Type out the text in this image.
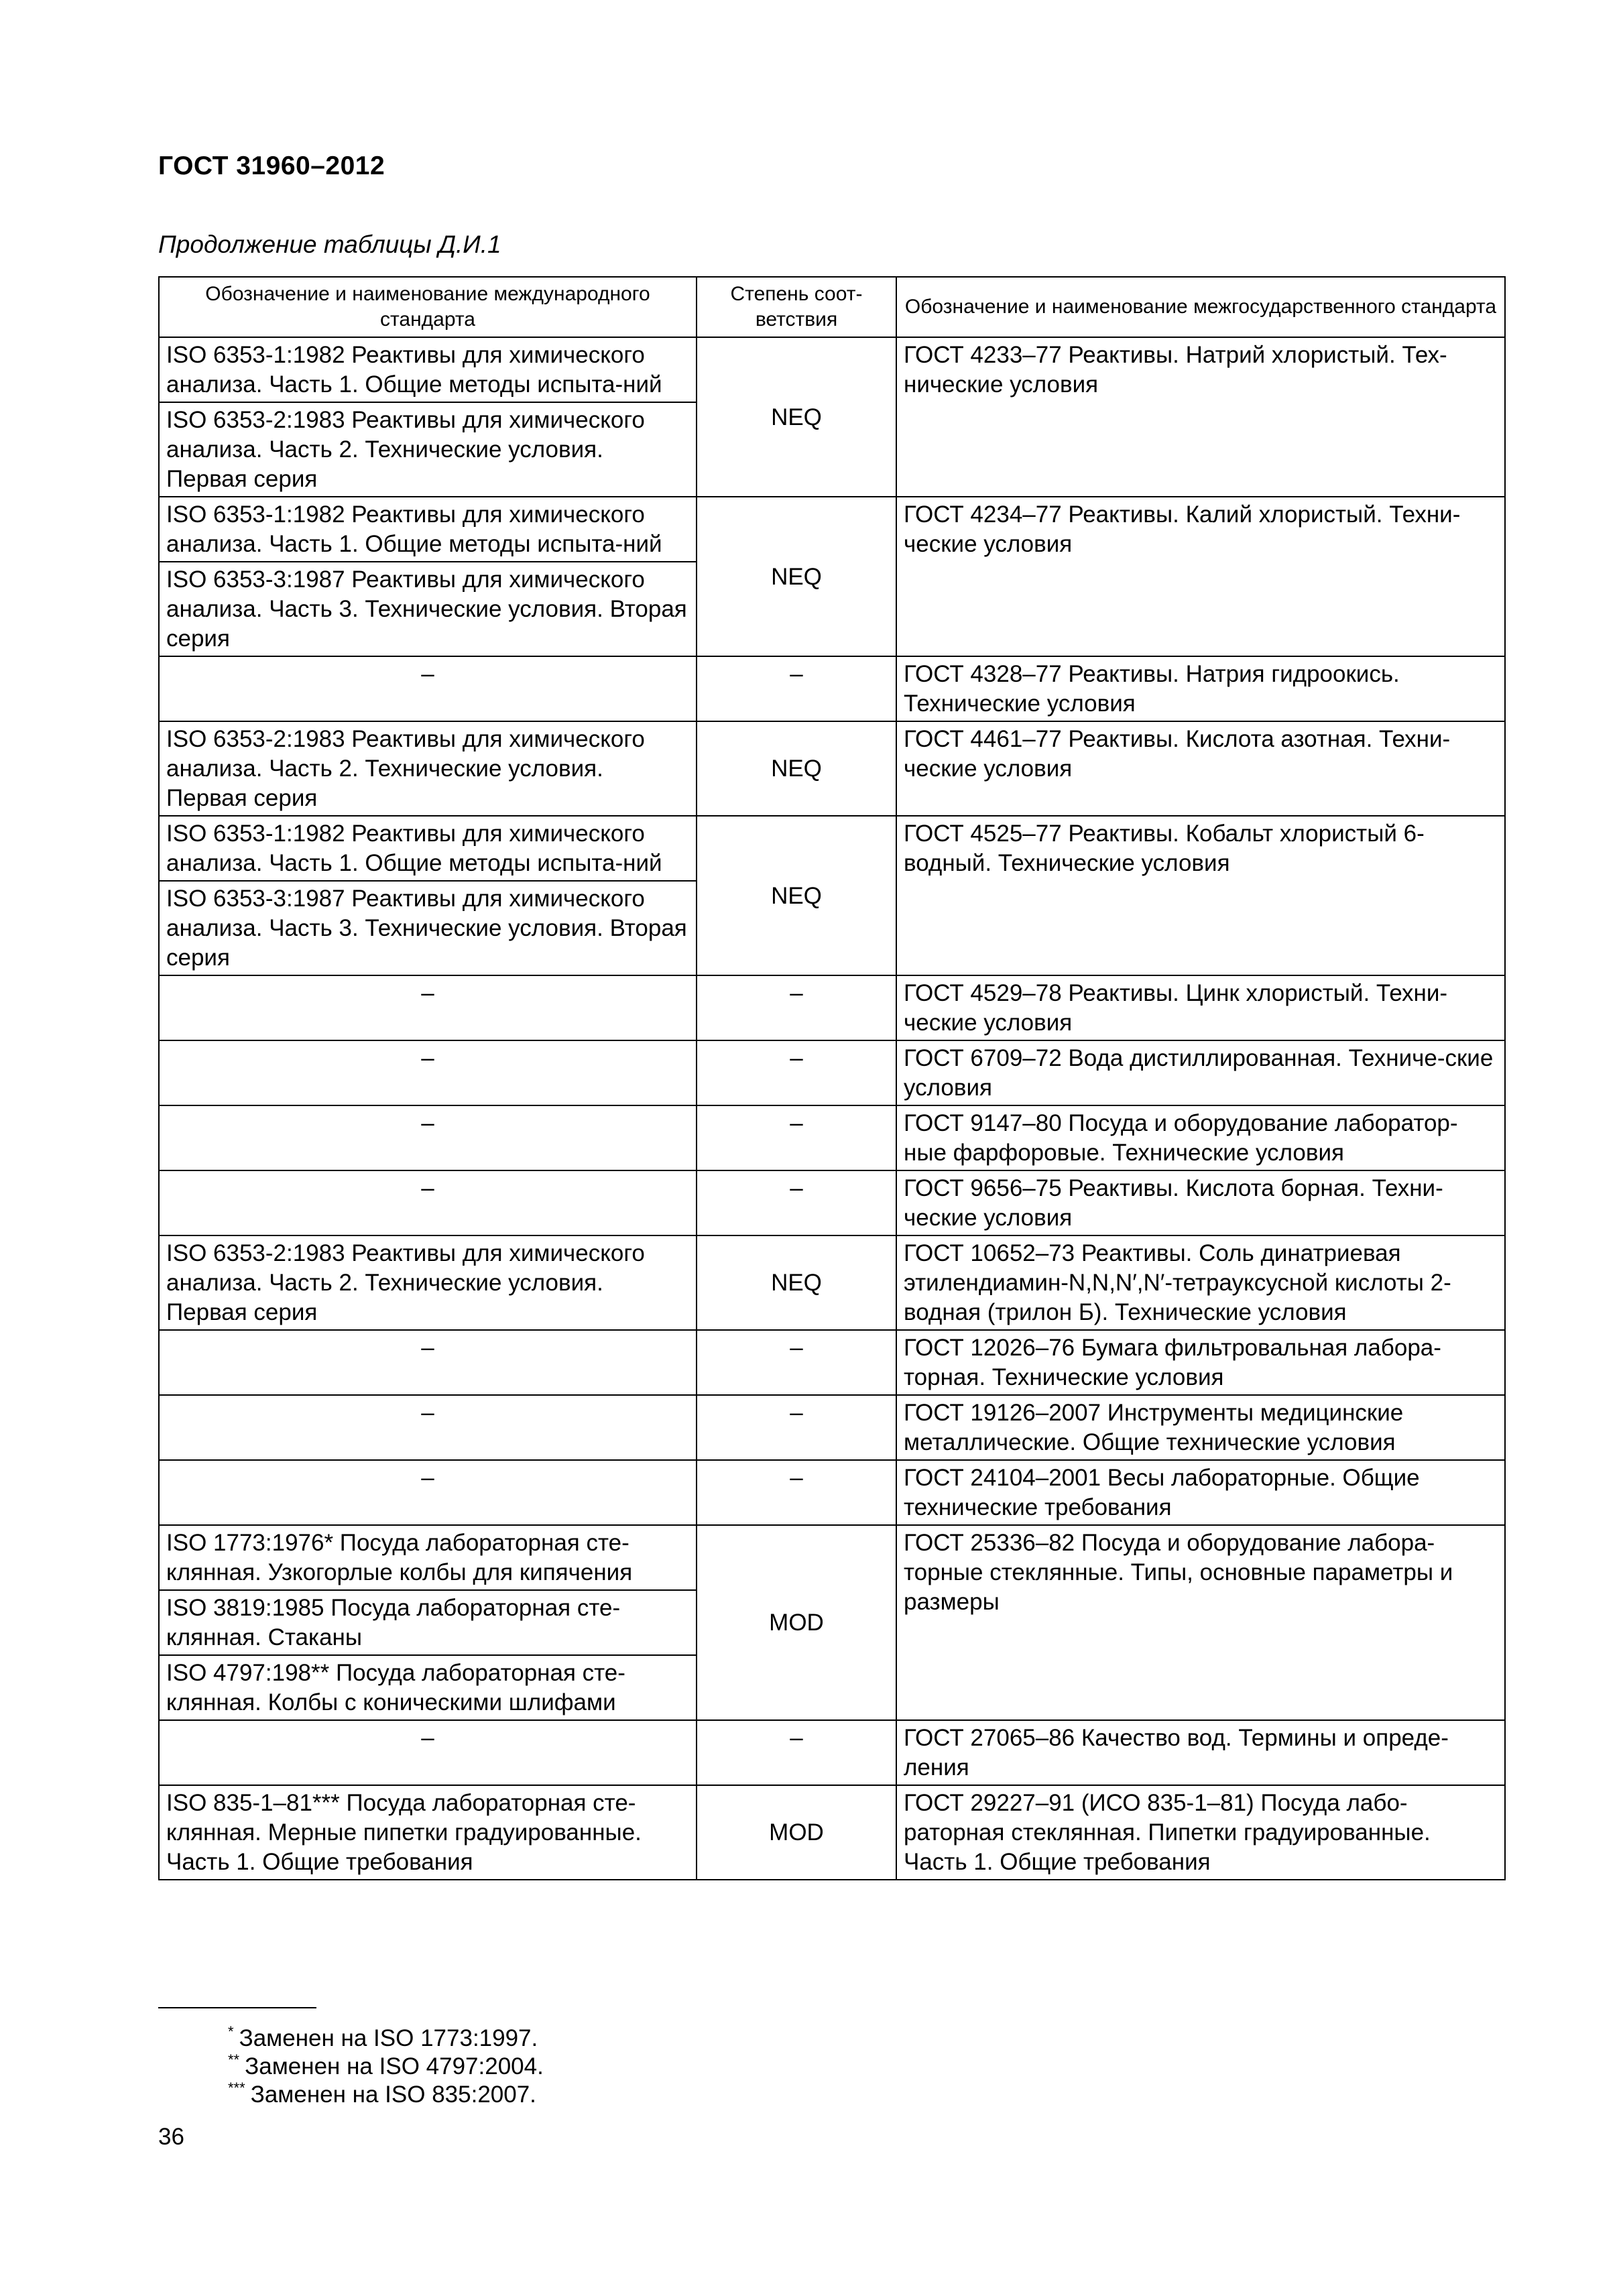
ГОСТ 31960–2012
Продолжение таблицы Д.И.1
Обозначение и наименование международного стандарта	Степень соот-ветствия	Обозначение и наименование межгосударственного стандарта
ISO 6353-1:1982 Реактивы для химического анализа. Часть 1. Общие методы испыта-ний	NEQ	ГОСТ 4233–77 Реактивы. Натрий хлористый. Тех-нические условия
ISO 6353-2:1983 Реактивы для химического анализа. Часть 2. Технические условия. Первая серия		
ISO 6353-1:1982 Реактивы для химического анализа. Часть 1. Общие методы испыта-ний	NEQ	ГОСТ 4234–77 Реактивы. Калий хлористый. Техни-ческие условия
ISO 6353-3:1987 Реактивы для химического анализа. Часть 3. Технические условия. Вторая серия		
–	–	ГОСТ 4328–77 Реактивы. Натрия гидроокись. Технические условия
ISO 6353-2:1983 Реактивы для химического анализа. Часть 2. Технические условия. Первая серия	NEQ	ГОСТ 4461–77 Реактивы. Кислота азотная. Техни-ческие условия
ISO 6353-1:1982 Реактивы для химического анализа. Часть 1. Общие методы испыта-ний	NEQ	ГОСТ 4525–77 Реактивы. Кобальт хлористый 6-водный. Технические условия
ISO 6353-3:1987 Реактивы для химического анализа. Часть 3. Технические условия. Вторая серия		
–	–	ГОСТ 4529–78 Реактивы. Цинк хлористый. Техни-ческие условия
–	–	ГОСТ 6709–72 Вода дистиллированная. Техниче-ские условия
–	–	ГОСТ 9147–80 Посуда и оборудование лаборатор-ные фарфоровые. Технические условия
–	–	ГОСТ 9656–75 Реактивы. Кислота борная. Техни-ческие условия
ISO 6353-2:1983 Реактивы для химического анализа. Часть 2. Технические условия. Первая серия	NEQ	ГОСТ 10652–73 Реактивы. Соль динатриевая этилендиамин-N,N,N′,N′-тетрауксусной кислоты 2-водная (трилон Б). Технические условия
–	–	ГОСТ 12026–76 Бумага фильтровальная лабора-торная. Технические условия
–	–	ГОСТ 19126–2007 Инструменты медицинские металлические. Общие технические условия
–	–	ГОСТ 24104–2001 Весы лабораторные. Общие технические требования
ISO 1773:1976* Посуда лабораторная сте-клянная. Узкогорлые колбы для кипячения	MOD	ГОСТ 25336–82 Посуда и оборудование лабора-торные стеклянные. Типы, основные параметры и размеры
ISO 3819:1985 Посуда лабораторная сте-клянная. Стаканы		
ISO 4797:198** Посуда лабораторная сте-клянная. Колбы с коническими шлифами		
–	–	ГОСТ 27065–86 Качество вод. Термины и опреде-ления
ISO 835-1–81*** Посуда лабораторная сте-клянная. Мерные пипетки градуированные. Часть 1. Общие требования	MOD	ГОСТ 29227–91 (ИСО 835-1–81) Посуда лабо-раторная стеклянная. Пипетки градуированные. Часть 1. Общие требования
* Заменен на ISO 1773:1997.
** Заменен на ISO 4797:2004.
*** Заменен на ISO 835:2007.
36
